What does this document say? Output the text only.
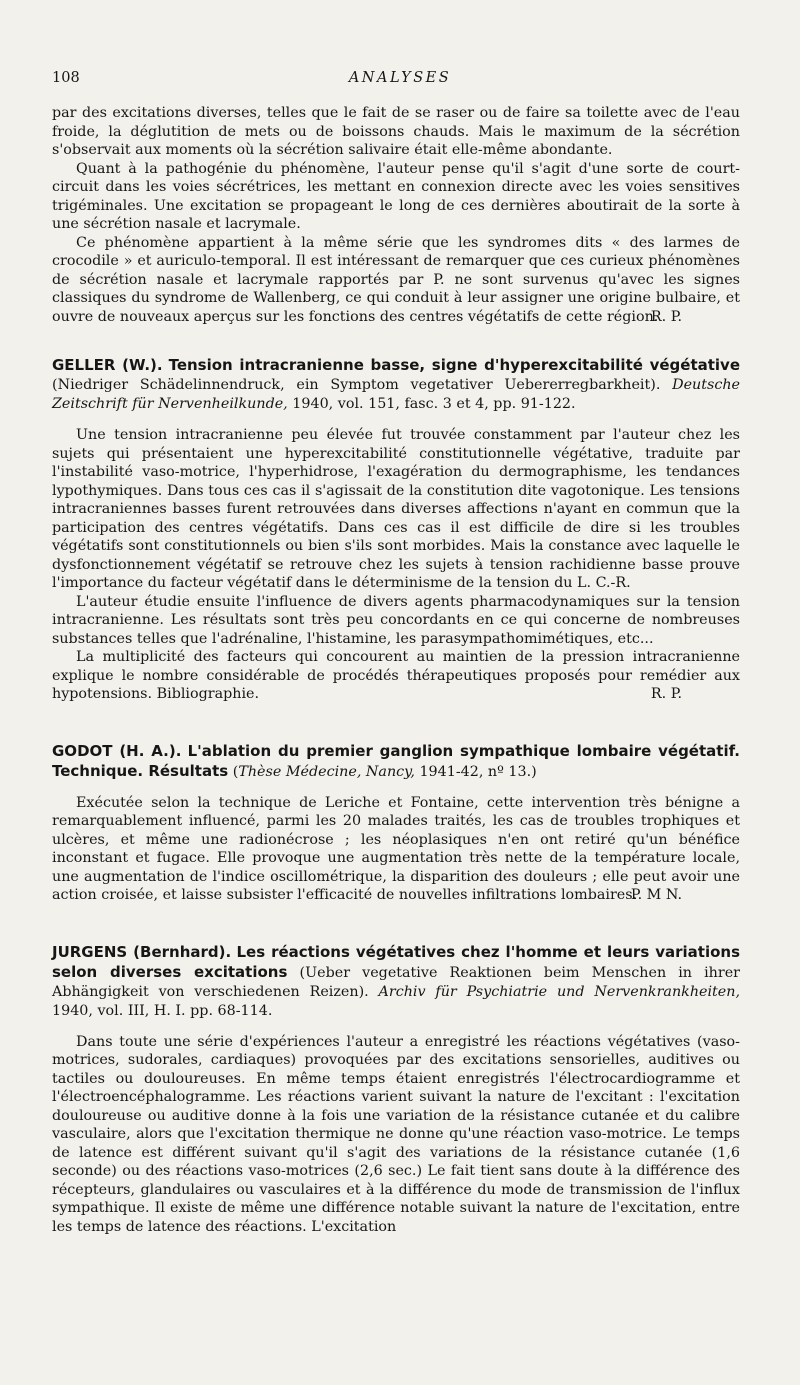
108	ANALYSES

par des excitations diverses, telles que le fait de se raser ou de faire sa toilette avec de l'eau froide, la déglutition de mets ou de boissons chauds. Mais le maximum de la sécrétion s'observait aux moments où la sécrétion salivaire était elle-même abondante.

Quant à la pathogénie du phénomène, l'auteur pense qu'il s'agit d'une sorte de court-circuit dans les voies sécrétrices, les mettant en connexion directe avec les voies sensitives trigéminales. Une excitation se propageant le long de ces dernières aboutirait de la sorte à une sécrétion nasale et lacrymale.

Ce phénomène appartient à la même série que les syndromes dits « des larmes de crocodile » et auriculo-temporal. Il est intéressant de remarquer que ces curieux phénomènes de sécrétion nasale et lacrymale rapportés par P. ne sont survenus qu'avec les signes classiques du syndrome de Wallenberg, ce qui conduit à leur assigner une origine bulbaire, et ouvre de nouveaux aperçus sur les fonctions des centres végétatifs de cette région.

R. P.

GELLER (W.). Tension intracranienne basse, signe d'hyperexcitabilité végétative (Niedriger Schädelinnendruck, ein Symptom vegetativer Uebererregbarkheit). Deutsche Zeitschrift für Nervenheilkunde, 1940, vol. 151, fasc. 3 et 4, pp. 91-122.

Une tension intracranienne peu élevée fut trouvée constamment par l'auteur chez les sujets qui présentaient une hyperexcitabilité constitutionnelle végétative, traduite par l'instabilité vaso-motrice, l'hyperhidrose, l'exagération du dermographisme, les tendances lypothymiques. Dans tous ces cas il s'agissait de la constitution dite vagotonique. Les tensions intracraniennes basses furent retrouvées dans diverses affections n'ayant en commun que la participation des centres végétatifs. Dans ces cas il est difficile de dire si les troubles végétatifs sont constitutionnels ou bien s'ils sont morbides. Mais la constance avec laquelle le dysfonctionnement végétatif se retrouve chez les sujets à tension rachidienne basse prouve l'importance du facteur végétatif dans le déterminisme de la tension du L. C.-R.

L'auteur étudie ensuite l'influence de divers agents pharmacodynamiques sur la tension intracranienne. Les résultats sont très peu concordants en ce qui concerne de nombreuses substances telles que l'adrénaline, l'histamine, les parasympathomimétiques, etc...

La multiplicité des facteurs qui concourent au maintien de la pression intracranienne explique le nombre considérable de procédés thérapeutiques proposés pour remédier aux hypotensions. Bibliographie.	R. P.

GODOT (H. A.). L'ablation du premier ganglion sympathique lombaire végétatif. Technique. Résultats (Thèse Médecine, Nancy, 1941-42, nº 13.)

Exécutée selon la technique de Leriche et Fontaine, cette intervention très bénigne a remarquablement influencé, parmi les 20 malades traités, les cas de troubles trophiques et ulcères, et même une radionécrose ; les néoplasiques n'en ont retiré qu'un bénéfice inconstant et fugace. Elle provoque une augmentation très nette de la température locale, une augmentation de l'indice oscillométrique, la disparition des douleurs ; elle peut avoir une action croisée, et laisse subsister l'efficacité de nouvelles infiltrations lombaires.

P. M N.

JURGENS (Bernhard). Les réactions végétatives chez l'homme et leurs variations selon diverses excitations (Ueber vegetative Reaktionen beim Menschen in ihrer Abhängigkeit von verschiedenen Reizen). Archiv für Psychiatrie und Nervenkrankheiten, 1940, vol. III, H. I. pp. 68-114.

Dans toute une série d'expériences l'auteur a enregistré les réactions végétatives (vaso-motrices, sudorales, cardiaques) provoquées par des excitations sensorielles, auditives ou tactiles ou douloureuses. En même temps étaient enregistrés l'électrocardiogramme et l'électroencéphalogramme. Les réactions varient suivant la nature de l'excitant : l'excitation douloureuse ou auditive donne à la fois une variation de la résistance cutanée et du calibre vasculaire, alors que l'excitation thermique ne donne qu'une réaction vaso-motrice. Le temps de latence est différent suivant qu'il s'agit des variations de la résistance cutanée (1,6 seconde) ou des réactions vaso-motrices (2,6 sec.) Le fait tient sans doute à la différence des récepteurs, glandulaires ou vasculaires et à la différence du mode de transmission de l'influx sympathique. Il existe de même une différence notable suivant la nature de l'excitation, entre les temps de latence des réactions. L'excitation
